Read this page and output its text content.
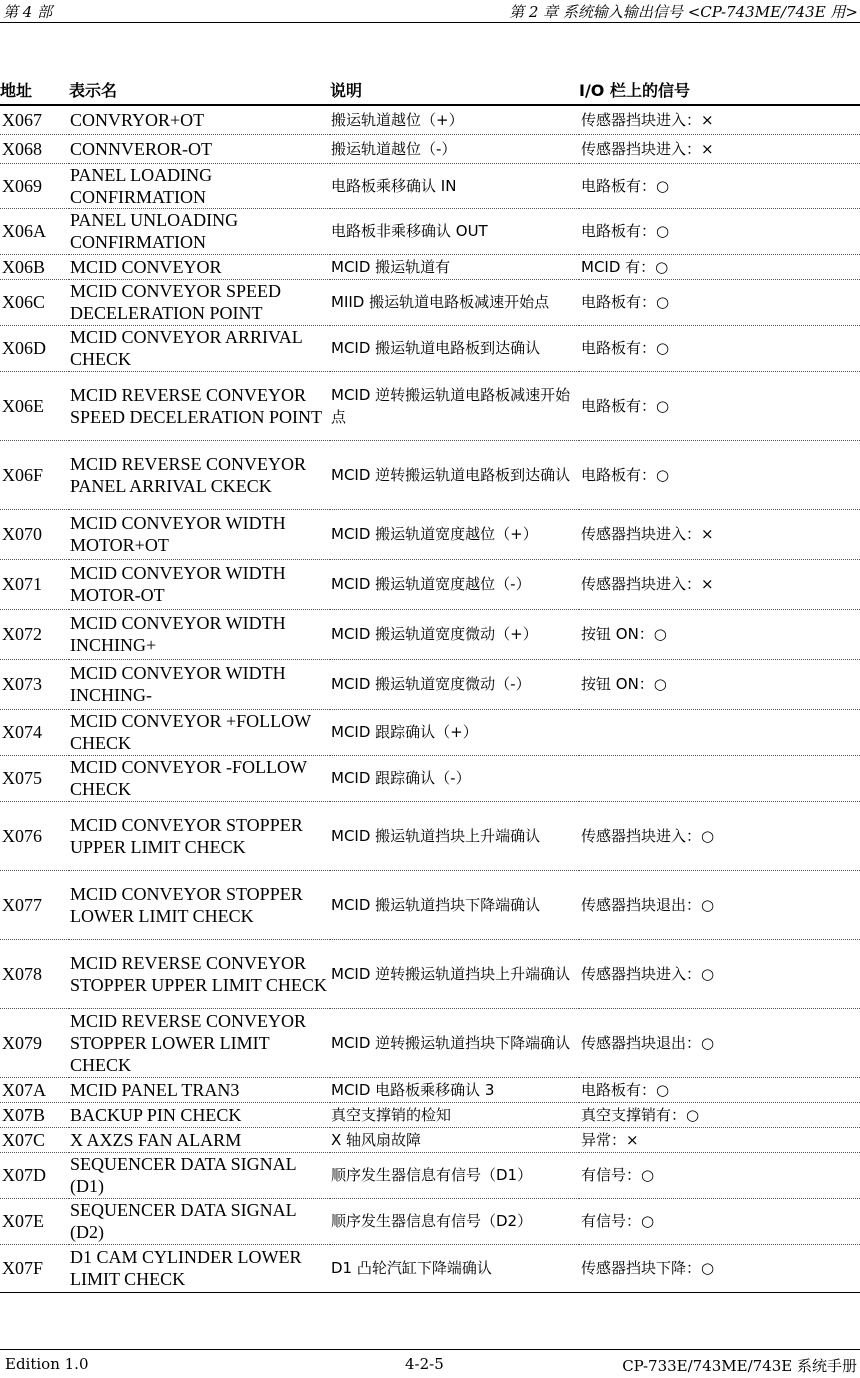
第 4 部	第 2 章 系统输入输出信号 <CP-743ME/743E 用>
地址	表示名	说明	I/O 栏上的信号
X067	CONVRYOR+OT	搬运轨道越位（+）	传感器挡块进入：×
X068	CONNVEROR-OT	搬运轨道越位（-）	传感器挡块进入：×
X069	PANEL LOADING CONFIRMATION	电路板乘移确认 IN	电路板有：○
X06A	PANEL UNLOADING CONFIRMATION	电路板非乘移确认 OUT	电路板有：○
X06B	MCID CONVEYOR	MCID 搬运轨道有	MCID 有：○
X06C	MCID CONVEYOR SPEED DECELERATION POINT	MIID 搬运轨道电路板减速开始点	电路板有：○
X06D	MCID CONVEYOR ARRIVAL CHECK	MCID 搬运轨道电路板到达确认	电路板有：○
X06E	MCID REVERSE CONVEYOR SPEED DECELERATION POINT	MCID 逆转搬运轨道电路板减速开始点	电路板有：○
X06F	MCID REVERSE CONVEYOR PANEL ARRIVAL CKECK	MCID 逆转搬运轨道电路板到达确认	电路板有：○
X070	MCID CONVEYOR WIDTH MOTOR+OT	MCID 搬运轨道宽度越位（+）	传感器挡块进入：×
X071	MCID CONVEYOR WIDTH MOTOR-OT	MCID 搬运轨道宽度越位（-）	传感器挡块进入：×
X072	MCID CONVEYOR WIDTH INCHING+	MCID 搬运轨道宽度微动（+）	按钮 ON：○
X073	MCID CONVEYOR WIDTH INCHING-	MCID 搬运轨道宽度微动（-）	按钮 ON：○
X074	MCID CONVEYOR +FOLLOW CHECK	MCID 跟踪确认（+）	
X075	MCID CONVEYOR -FOLLOW CHECK	MCID 跟踪确认（-）	
X076	MCID CONVEYOR STOPPER UPPER LIMIT CHECK	MCID 搬运轨道挡块上升端确认	传感器挡块进入：○
X077	MCID CONVEYOR STOPPER LOWER LIMIT CHECK	MCID 搬运轨道挡块下降端确认	传感器挡块退出：○
X078	MCID REVERSE CONVEYOR STOPPER UPPER LIMIT CHECK	MCID 逆转搬运轨道挡块上升端确认	传感器挡块进入：○
X079	MCID REVERSE CONVEYOR STOPPER LOWER LIMIT CHECK	MCID 逆转搬运轨道挡块下降端确认	传感器挡块退出：○
X07A	MCID PANEL TRAN3	MCID 电路板乘移确认 3	电路板有：○
X07B	BACKUP PIN CHECK	真空支撑销的检知	真空支撑销有：○
X07C	X AXZS FAN ALARM	X 轴风扇故障	异常：×
X07D	SEQUENCER DATA SIGNAL (D1)	顺序发生器信息有信号（D1）	有信号：○
X07E	SEQUENCER DATA SIGNAL (D2)	顺序发生器信息有信号（D2）	有信号：○
X07F	D1 CAM CYLINDER LOWER LIMIT CHECK	D1 凸轮汽缸下降端确认	传感器挡块下降：○
Edition 1.0	4-2-5	CP-733E/743ME/743E 系统手册
